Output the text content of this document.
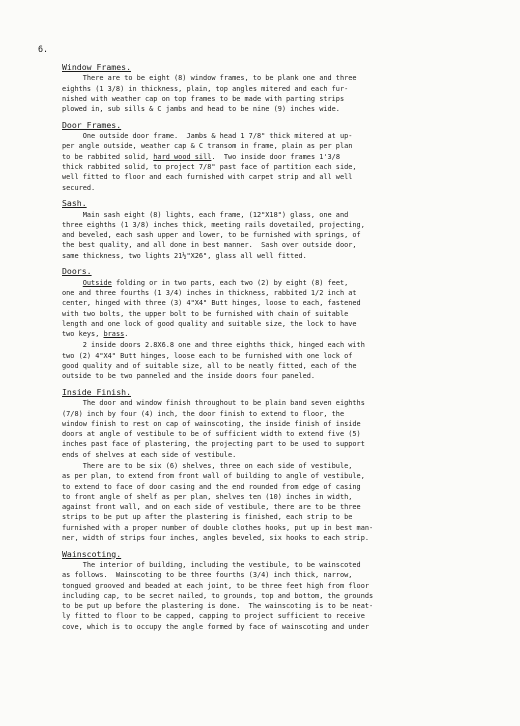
6.
Window Frames.

There are to be eight (8) window frames, to be plank one and three
eighths (1 3/8) in thickness, plain, top angles mitered and each fur-
nished with weather cap on top frames to be made with parting strips
plowed in, sub sills & C jambs and head to be nine (9) inches wide.

Door Frames.

One outside door frame.  Jambs & head 1 7/8" thick mitered at up-
per angle outside, weather cap & C transom in frame, plain as per plan
to be rabbited solid, hard wood sill.  Two inside door frames 1'3/8
thick rabbited solid, to project 7/8" past face of partition each side,
well fitted to floor and each furnished with carpet strip and all well
secured.

Sash.

Main sash eight (8) lights, each frame, (12"X18") glass, one and
three eighths (1 3/8) inches thick, meeting rails dovetailed, projecting,
and beveled, each sash upper and lower, to be furnished with springs, of
the best quality, and all done in best manner.  Sash over outside door,
same thickness, two lights 21½"X26", glass all well fitted.

Doors.

Outside folding or in two parts, each two (2) by eight (8) feet,
one and three fourths (1 3/4) inches in thickness, rabbited 1/2 inch at
center, hinged with three (3) 4"X4" Butt hinges, loose to each, fastened
with two bolts, the upper bolt to be furnished with chain of suitable
length and one lock of good quality and suitable size, the lock to have
two keys, brass.

2 inside doors 2.8X6.8 one and three eighths thick, hinged each with
two (2) 4"X4" Butt hinges, loose each to be furnished with one lock of
good quality and of suitable size, all to be neatly fitted, each of the
outside to be two panneled and the inside doors four paneled.

Inside Finish.

The door and window finish throughout to be plain band seven eighths
(7/8) inch by four (4) inch, the door finish to extend to floor, the
window finish to rest on cap of wainscoting, the inside finish of inside
doors at angle of vestibule to be of sufficient width to extend five (5)
inches past face of plastering, the projecting part to be used to support
ends of shelves at each side of vestibule.

There are to be six (6) shelves, three on each side of vestibule,
as per plan, to extend from front wall of building to angle of vestibule,
to extend to face of door casing and the end rounded from edge of casing
to front angle of shelf as per plan, shelves ten (10) inches in width,
against front wall, and on each side of vestibule, there are to be three
strips to be put up after the plastering is finished, each strip to be
furnished with a proper number of double clothes hooks, put up in best man-
ner, width of strips four inches, angles beveled, six hooks to each strip.

Wainscoting.

The interior of building, including the vestibule, to be wainscoted
as follows.  Wainscoting to be three fourths (3/4) inch thick, narrow,
tongued grooved and beaded at each joint, to be three feet high from floor
including cap, to be secret nailed, to grounds, top and bottom, the grounds
to be put up before the plastering is done.  The wainscoting is to be neat-
ly fitted to floor to be capped, capping to project sufficient to receive
cove, which is to occupy the angle formed by face of wainscoting and under
